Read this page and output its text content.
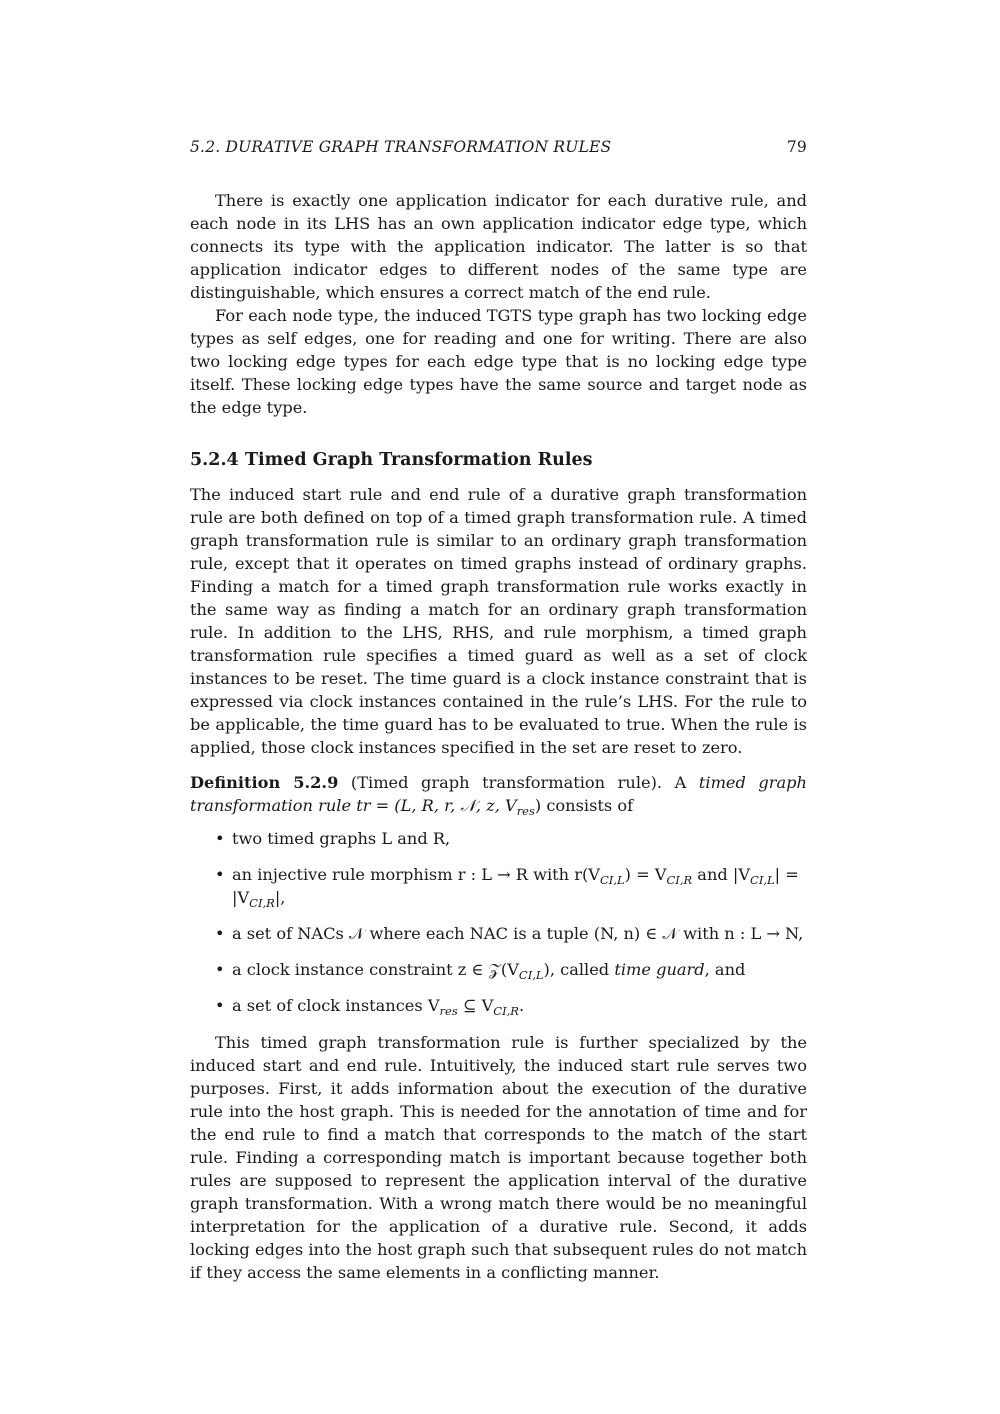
5.2. DURATIVE GRAPH TRANSFORMATION RULES	79

There is exactly one application indicator for each durative rule, and each node in its LHS has an own application indicator edge type, which connects its type with the application indicator. The latter is so that application indicator edges to different nodes of the same type are distinguishable, which ensures a correct match of the end rule.

For each node type, the induced TGTS type graph has two locking edge types as self edges, one for reading and one for writing. There are also two locking edge types for each edge type that is no locking edge type itself. These locking edge types have the same source and target node as the edge type.

5.2.4 Timed Graph Transformation Rules

The induced start rule and end rule of a durative graph transformation rule are both defined on top of a timed graph transformation rule. A timed graph transformation rule is similar to an ordinary graph transformation rule, except that it operates on timed graphs instead of ordinary graphs. Finding a match for a timed graph transformation rule works exactly in the same way as finding a match for an ordinary graph transformation rule. In addition to the LHS, RHS, and rule morphism, a timed graph transformation rule specifies a timed guard as well as a set of clock instances to be reset. The time guard is a clock instance constraint that is expressed via clock instances contained in the rule’s LHS. For the rule to be applicable, the time guard has to be evaluated to true. When the rule is applied, those clock instances specified in the set are reset to zero.

Definition 5.2.9 (Timed graph transformation rule). A timed graph transformation rule tr = (L, R, r, 𝒩, z, $V_{res}$) consists of

• two timed graphs L and R,
• an injective rule morphism r : L → R with $r(V_{CI,L}) = V_{CI,R}$ and $|V_{CI,L}|$ =
$|V_{CI,R}|$,
• a set of NACs 𝒩 where each NAC is a tuple (N, n) ∈ 𝒩 with n : L → N,
• a clock instance constraint z ∈ $𝒵(V_{CI,L})$, called time guard, and
• a set of clock instances $V_{res}$ ⊆ $V_{CI,R}$.

This timed graph transformation rule is further specialized by the induced start and end rule. Intuitively, the induced start rule serves two purposes. First, it adds information about the execution of the durative rule into the host graph. This is needed for the annotation of time and for the end rule to find a match that corresponds to the match of the start rule. Finding a corresponding match is important because together both rules are supposed to represent the application interval of the durative graph transformation. With a wrong match there would be no meaningful interpretation for the application of a durative rule. Second, it adds locking edges into the host graph such that subsequent rules do not match if they access the same elements in a conflicting manner.
